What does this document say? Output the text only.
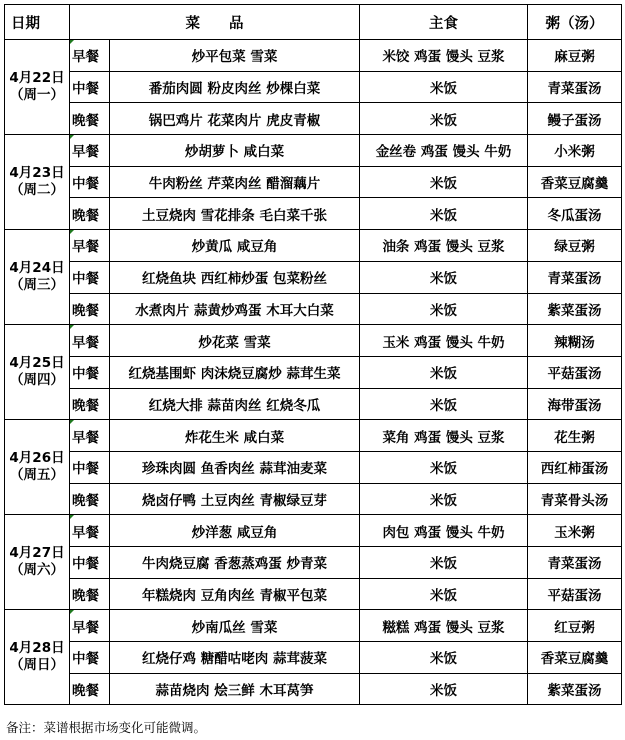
日期	菜　　品		主食	粥（汤）

4月22日
（周一）	早餐	炒平包菜 雪菜	米饺 鸡蛋 馒头 豆浆	麻豆粥
	中餐	番茄肉圆 粉皮肉丝 炒棵白菜	米饭	青菜蛋汤
	晚餐	锅巴鸡片 花菜肉片 虎皮青椒	米饭	鳗子蛋汤

4月23日
（周二）	早餐	炒胡萝卜 咸白菜	金丝卷 鸡蛋 馒头 牛奶	小米粥
	中餐	牛肉粉丝 芹菜肉丝 醋溜藕片	米饭	香菜豆腐羹
	晚餐	土豆烧肉 雪花排条 毛白菜千张	米饭	冬瓜蛋汤

4月24日
（周三）	早餐	炒黄瓜 咸豆角	油条 鸡蛋 馒头 豆浆	绿豆粥
	中餐	红烧鱼块 西红柿炒蛋 包菜粉丝	米饭	青菜蛋汤
	晚餐	水煮肉片 蒜黄炒鸡蛋 木耳大白菜	米饭	紫菜蛋汤

4月25日
（周四）	早餐	炒花菜 雪菜	玉米 鸡蛋 馒头 牛奶	辣糊汤
	中餐	红烧基围虾 肉沫烧豆腐炒 蒜茸生菜	米饭	平菇蛋汤
	晚餐	红烧大排 蒜苗肉丝 红烧冬瓜	米饭	海带蛋汤

4月26日
（周五）	早餐	炸花生米 咸白菜	菜角 鸡蛋 馒头 豆浆	花生粥
	中餐	珍珠肉圆 鱼香肉丝 蒜茸油麦菜	米饭	西红柿蛋汤
	晚餐	烧卤仔鸭 土豆肉丝 青椒绿豆芽	米饭	青菜骨头汤

4月27日
（周六）	早餐	炒洋葱 咸豆角	肉包 鸡蛋 馒头 牛奶	玉米粥
	中餐	牛肉烧豆腐 香葱蒸鸡蛋 炒青菜	米饭	青菜蛋汤
	晚餐	年糕烧肉 豆角肉丝 青椒平包菜	米饭	平菇蛋汤

4月28日
（周日）	早餐	炒南瓜丝 雪菜	糍糕 鸡蛋 馒头 豆浆	红豆粥
	中餐	红烧仔鸡 糖醋咕咾肉 蒜茸菠菜	米饭	香菜豆腐羹
	晚餐	蒜苗烧肉 烩三鲜 木耳莴笋	米饭	紫菜蛋汤
备注：菜谱根据市场变化可能微调。
